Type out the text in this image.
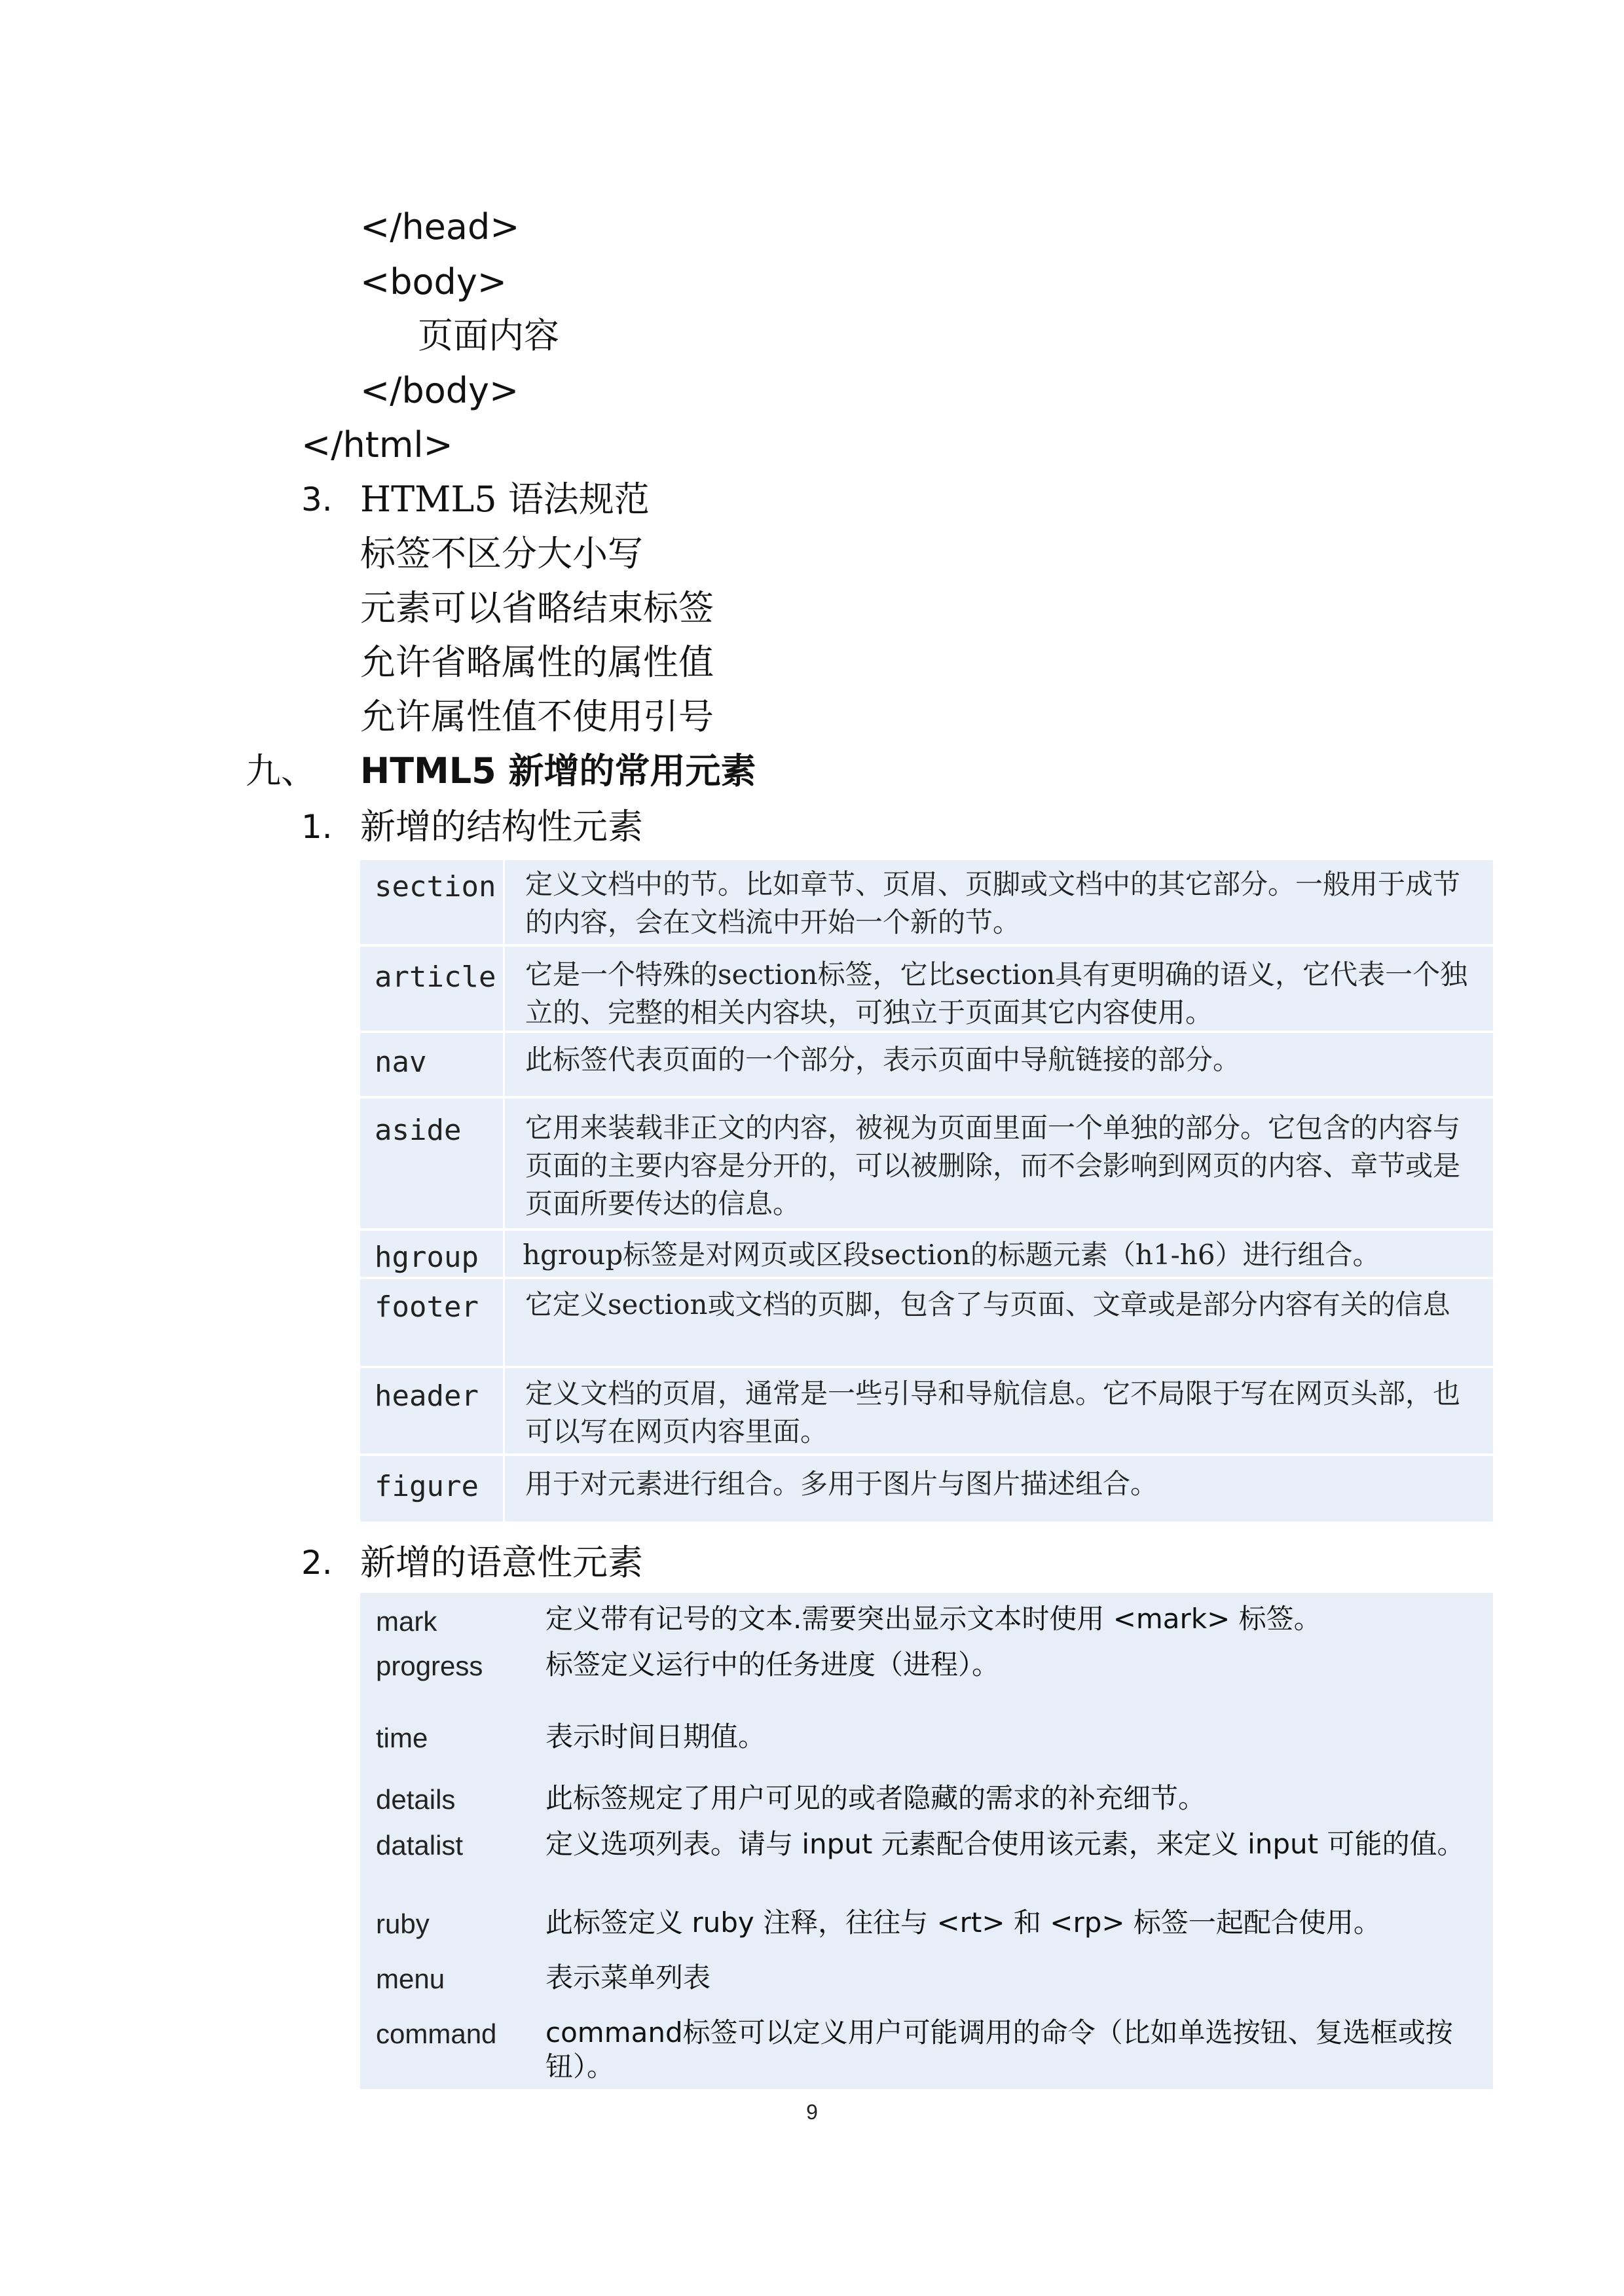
</head>
<body>
页面内容
</body>
</html>
3. HTML5 语法规范
标签不区分大小写
元素可以省略结束标签
允许省略属性的属性值
允许属性值不使用引号
九、 HTML5 新增的常用元素
1. 新增的结构性元素
section 定义文档中的节。比如章节、页眉、页脚或文档中的其它部分。一般用于成节的内容，会在文档流中开始一个新的节。
article 它是一个特殊的section标签，它比section具有更明确的语义，它代表一个独立的、完整的相关内容块，可独立于页面其它内容使用。
nav	此标签代表页面的一个部分，表示页面中导航链接的部分。
aside 它用来装载非正文的内容，被视为页面里面一个单独的部分。它包含的内容与页面的主要内容是分开的，可以被删除，而不会影响到网页的内容、章节或是页面所要传达的信息。
hgroup hgroup标签是对网页或区段section的标题元素（h1-h6）进行组合。
footer 它定义section或文档的页脚，包含了与页面、文章或是部分内容有关的信息
header 定义文档的页眉，通常是一些引导和导航信息。它不局限于写在网页头部，也可以写在网页内容里面。
figure 用于对元素进行组合。多用于图片与图片描述组合。
2. 新增的语意性元素
mark	定义带有记号的文本.需要突出显示文本时使用 <mark> 标签。
progress 标签定义运行中的任务进度（进程）。
time	表示时间日期值。
details	此标签规定了用户可见的或者隐藏的需求的补充细节。
datalist	定义选项列表。请与 input 元素配合使用该元素，来定义 input 可能的值。
ruby	此标签定义 ruby 注释，往往与 <rt> 和 <rp> 标签一起配合使用。
menu	表示菜单列表
command command标签可以定义用户可能调用的命令（比如单选按钮、复选框或按钮）。
9
